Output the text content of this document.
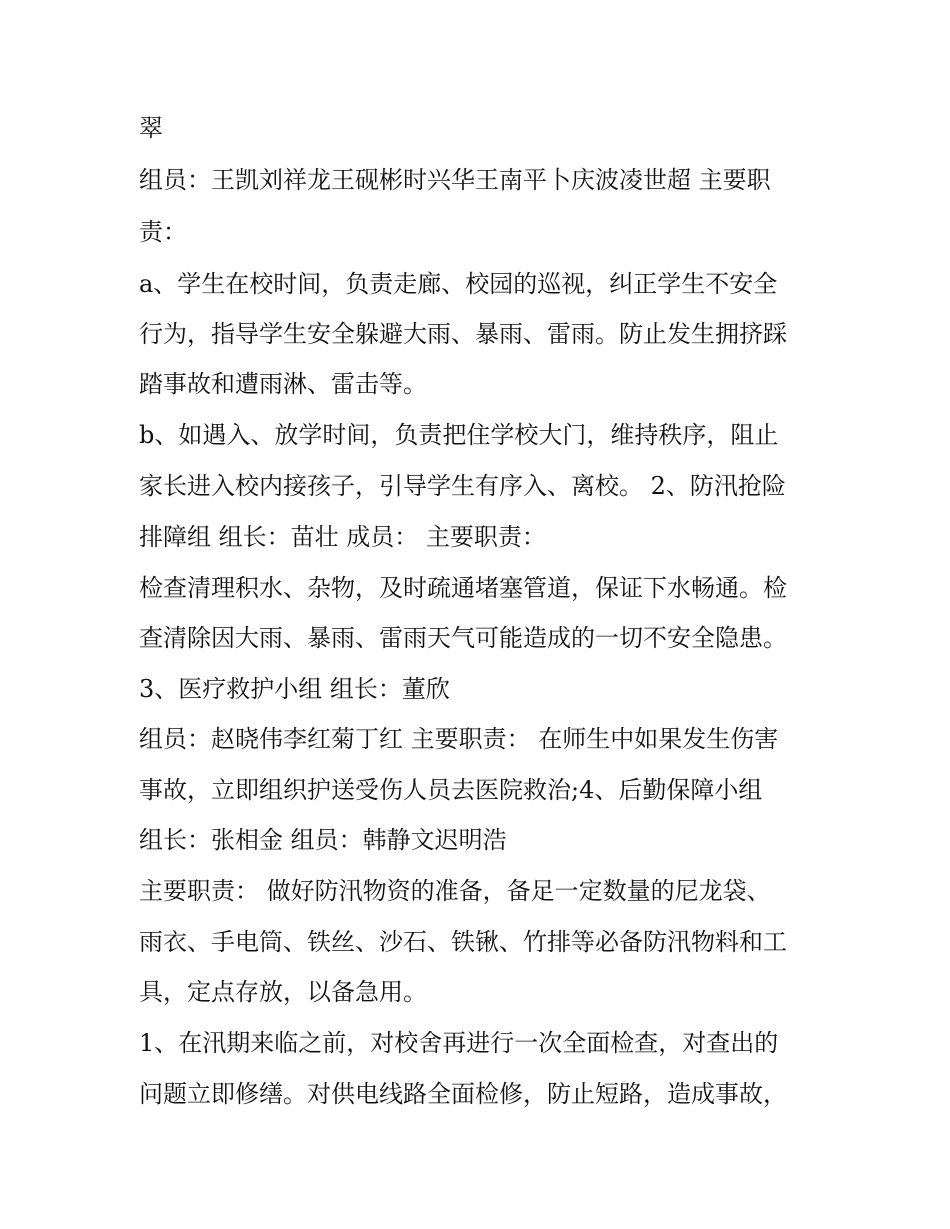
翠
组员：王凯刘祥龙王砚彬时兴华王南平卜庆波凌世超 主要职
责：
a、学生在校时间，负责走廊、校园的巡视，纠正学生不安全
行为，指导学生安全躲避大雨、暴雨、雷雨。防止发生拥挤踩
踏事故和遭雨淋、雷击等。
b、如遇入、放学时间，负责把住学校大门，维持秩序，阻止
家长进入校内接孩子，引导学生有序入、离校。 2、防汛抢险
排障组 组长：苗壮 成员： 主要职责：
检查清理积水、杂物，及时疏通堵塞管道，保证下水畅通。检
查清除因大雨、暴雨、雷雨天气可能造成的一切不安全隐患。
3、医疗救护小组 组长：董欣
组员：赵晓伟李红菊丁红 主要职责： 在师生中如果发生伤害
事故，立即组织护送受伤人员去医院救治;4、后勤保障小组
组长：张相金 组员：韩静文迟明浩
主要职责： 做好防汛物资的准备，备足一定数量的尼龙袋、
雨衣、手电筒、铁丝、沙石、铁锹、竹排等必备防汛物料和工
具，定点存放，以备急用。
1、在汛期来临之前，对校舍再进行一次全面检查，对查出的
问题立即修缮。对供电线路全面检修，防止短路，造成事故，
